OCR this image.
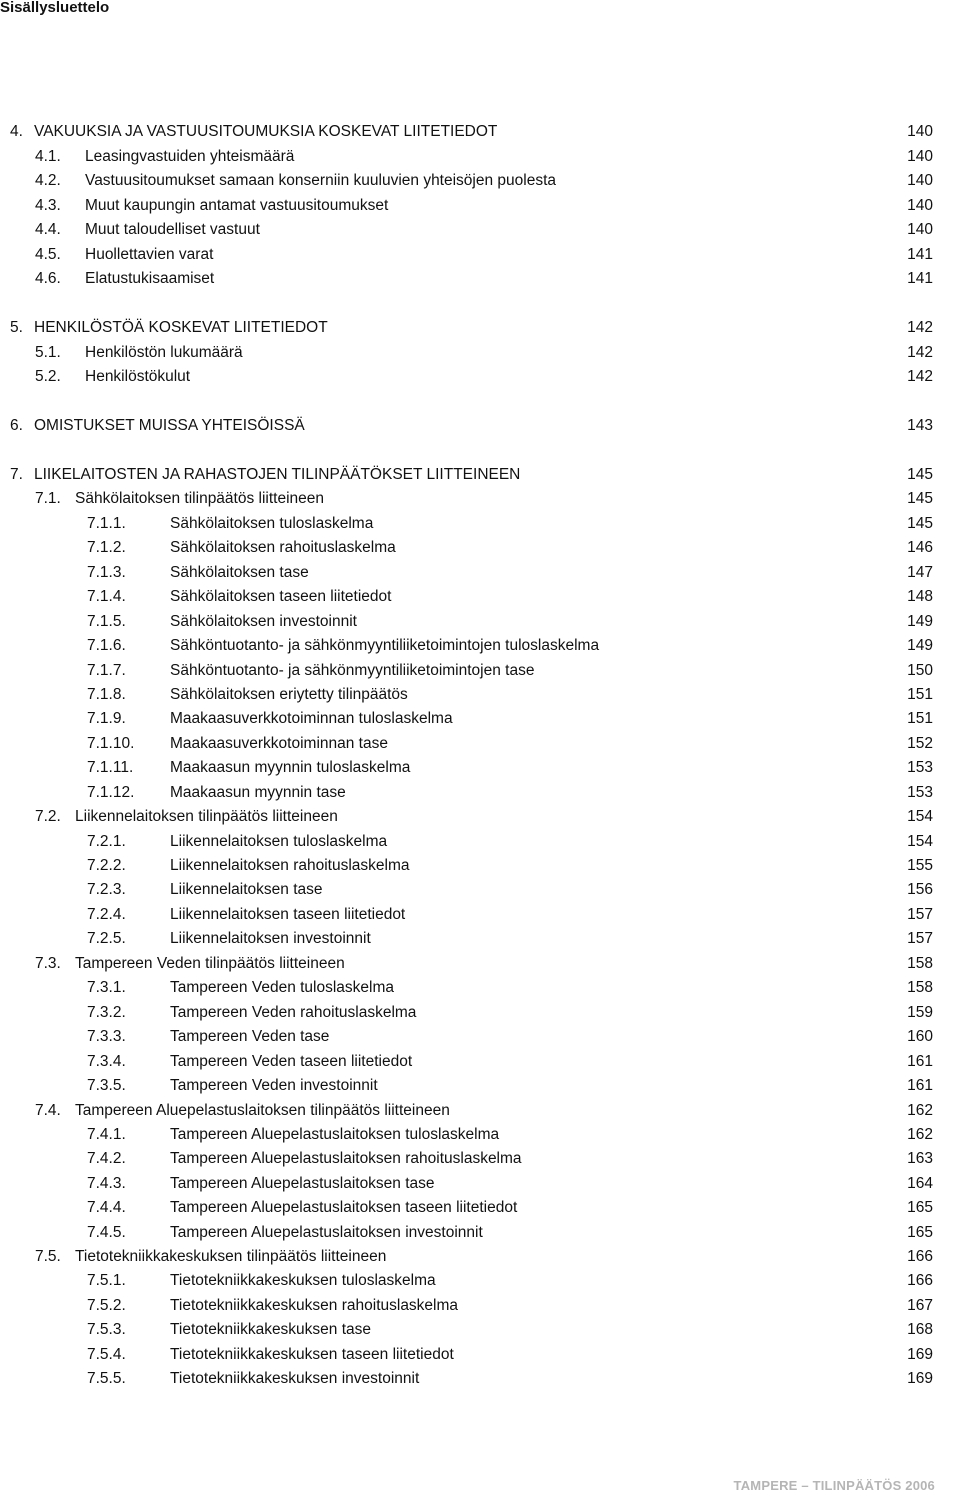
Sisällysluettelo
4. VAKUUKSIA JA VASTUUSITOUMUKSIA KOSKEVAT LIITETIEDOT	140
4.1. Leasingvastuiden yhteismäärä	140
4.2. Vastuusitoumukset samaan konserniin kuuluvien yhteisöjen puolesta	140
4.3. Muut kaupungin antamat vastuusitoumukset	140
4.4. Muut taloudelliset vastuut	140
4.5. Huollettavien varat	141
4.6. Elatustukisaamiset	141
5. HENKILÖSTÖÄ KOSKEVAT LIITETIEDOT	142
5.1. Henkilöstön lukumäärä	142
5.2. Henkilöstökulut	142
6. OMISTUKSET MUISSA YHTEISÖISSÄ	143
7. LIIKELAITOSTEN JA RAHASTOJEN TILINPÄÄTÖKSET LIITTEINEEN	145
7.1. Sähkölaitoksen tilinpäätös liitteineen	145
7.1.1.	Sähkölaitoksen tuloslaskelma	145
7.1.2.	Sähkölaitoksen rahoituslaskelma	146
7.1.3.	Sähkölaitoksen tase	147
7.1.4.	Sähkölaitoksen taseen liitetiedot	148
7.1.5.	Sähkölaitoksen investoinnit	149
7.1.6.	Sähköntuotanto- ja sähkönmyyntiliiketoimintojen tuloslaskelma	149
7.1.7.	Sähköntuotanto- ja sähkönmyyntiliiketoimintojen tase	150
7.1.8.	Sähkölaitoksen eriytetty tilinpäätös	151
7.1.9.	Maakaasuverkkotoiminnan tuloslaskelma	151
7.1.10. Maakaasuverkkotoiminnan tase	152
7.1.11. Maakaasun myynnin tuloslaskelma	153
7.1.12. Maakaasun myynnin tase	153
7.2. Liikennelaitoksen tilinpäätös liitteineen	154
7.2.1.	Liikennelaitoksen tuloslaskelma	154
7.2.2.	Liikennelaitoksen rahoituslaskelma	155
7.2.3.	Liikennelaitoksen tase	156
7.2.4.	Liikennelaitoksen taseen liitetiedot	157
7.2.5.	Liikennelaitoksen investoinnit	157
7.3. Tampereen Veden tilinpäätös liitteineen	158
7.3.1.	Tampereen Veden tuloslaskelma	158
7.3.2.	Tampereen Veden rahoituslaskelma	159
7.3.3.	Tampereen Veden tase	160
7.3.4.	Tampereen Veden taseen liitetiedot	161
7.3.5.	Tampereen Veden investoinnit	161
7.4. Tampereen Aluepelastuslaitoksen tilinpäätös liitteineen	162
7.4.1.	Tampereen Aluepelastuslaitoksen tuloslaskelma	162
7.4.2.	Tampereen Aluepelastuslaitoksen rahoituslaskelma	163
7.4.3.	Tampereen Aluepelastuslaitoksen tase	164
7.4.4.	Tampereen Aluepelastuslaitoksen taseen liitetiedot	165
7.4.5.	Tampereen Aluepelastuslaitoksen investoinnit	165
7.5. Tietotekniikkakeskuksen tilinpäätös liitteineen	166
7.5.1.	Tietotekniikkakeskuksen tuloslaskelma	166
7.5.2.	Tietotekniikkakeskuksen rahoituslaskelma	167
7.5.3.	Tietotekniikkakeskuksen tase	168
7.5.4.	Tietotekniikkakeskuksen taseen liitetiedot	169
7.5.5.	Tietotekniikkakeskuksen investoinnit	169
TAMPERE – TILINPÄÄTÖS 2006
